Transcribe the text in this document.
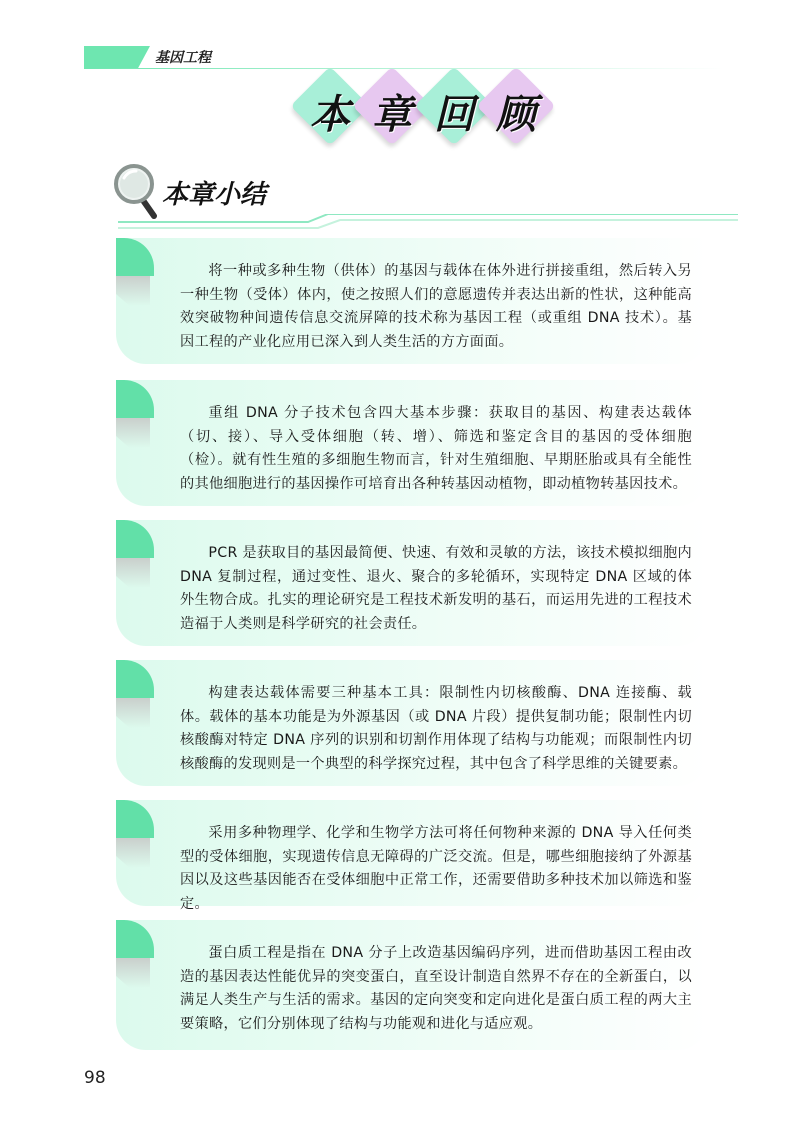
基因工程
本 章 回 顾
本章小结
将一种或多种生物（供体）的基因与载体在体外进行拼接重组，然后转入另一种生物（受体）体内，使之按照人们的意愿遗传并表达出新的性状，这种能高效突破物种间遗传信息交流屏障的技术称为基因工程（或重组 DNA 技术）。基因工程的产业化应用已深入到人类生活的方方面面。
重组 DNA 分子技术包含四大基本步骤：获取目的基因、构建表达载体（切、接）、导入受体细胞（转、增）、筛选和鉴定含目的基因的受体细胞（检）。就有性生殖的多细胞生物而言，针对生殖细胞、早期胚胎或具有全能性的其他细胞进行的基因操作可培育出各种转基因动植物，即动植物转基因技术。
PCR 是获取目的基因最简便、快速、有效和灵敏的方法，该技术模拟细胞内 DNA 复制过程，通过变性、退火、聚合的多轮循环，实现特定 DNA 区域的体外生物合成。扎实的理论研究是工程技术新发明的基石，而运用先进的工程技术造福于人类则是科学研究的社会责任。
构建表达载体需要三种基本工具：限制性内切核酸酶、DNA 连接酶、载体。载体的基本功能是为外源基因（或 DNA 片段）提供复制功能；限制性内切核酸酶对特定 DNA 序列的识别和切割作用体现了结构与功能观；而限制性内切核酸酶的发现则是一个典型的科学探究过程，其中包含了科学思维的关键要素。
采用多种物理学、化学和生物学方法可将任何物种来源的 DNA 导入任何类型的受体细胞，实现遗传信息无障碍的广泛交流。但是，哪些细胞接纳了外源基因以及这些基因能否在受体细胞中正常工作，还需要借助多种技术加以筛选和鉴定。
蛋白质工程是指在 DNA 分子上改造基因编码序列，进而借助基因工程由改造的基因表达性能优异的突变蛋白，直至设计制造自然界不存在的全新蛋白，以满足人类生产与生活的需求。基因的定向突变和定向进化是蛋白质工程的两大主要策略，它们分别体现了结构与功能观和进化与适应观。
98
